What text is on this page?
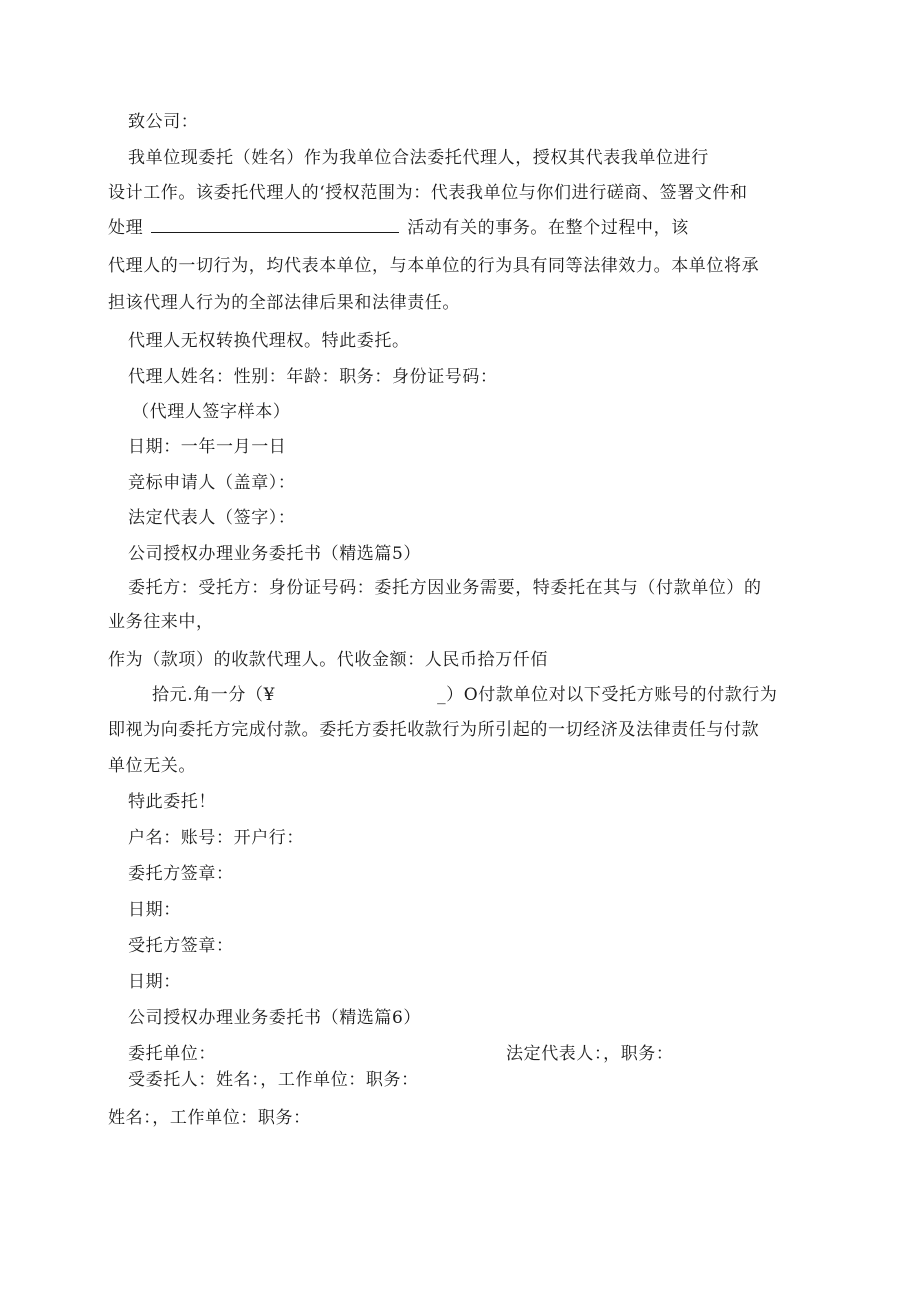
致公司：
我单位现委托（姓名）作为我单位合法委托代理人，授权其代表我单位进行
设计工作。该委托代理人的‘授权范围为：代表我单位与你们进行磋商、签署文件和
处理	活动有关的事务。在整个过程中，该
代理人的一切行为，均代表本单位，与本单位的行为具有同等法律效力。本单位将承
担该代理人行为的全部法律后果和法律责任。
代理人无权转换代理权。特此委托。
代理人姓名：性别：年龄：职务：身份证号码：
（代理人签字样本）
日期：一年一月一日
竞标申请人（盖章）：
法定代表人（签字）：
公司授权办理业务委托书（精选篇5）
委托方：受托方：身份证号码：委托方因业务需要，特委托在其与（付款单位）的
业务往来中，
作为（款项）的收款代理人。代收金额：人民币拾万仟佰
拾元.角一分（¥	_）O付款单位对以下受托方账号的付款行为
即视为向委托方完成付款。委托方委托收款行为所引起的一切经济及法律责任与付款
单位无关。
特此委托！
户名：账号：开户行：
委托方签章：
日期：
受托方签章：
日期：
公司授权办理业务委托书（精选篇6）
委托单位：	法定代表人：，职务：
受委托人：姓名：，工作单位：职务：
姓名：，工作单位：职务：
